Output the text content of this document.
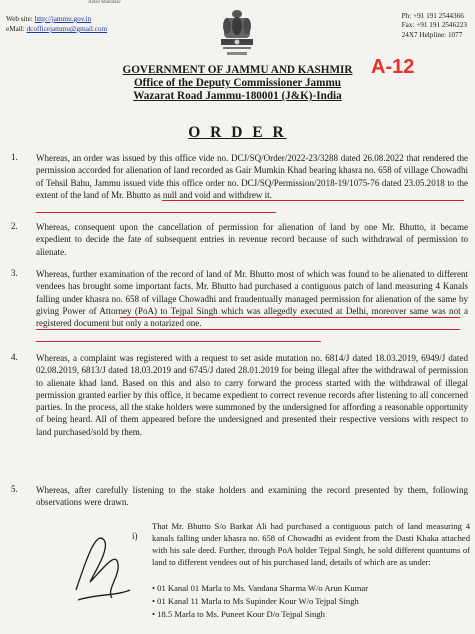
Amrit Mahotsav
Web site: http://jammu.gov.in
eMail: dcofficejammu@gmail.com
Ph: +91 191 2544366
Fax: +91 191 2546223
24X7 Helpline: 1077
GOVERNMENT OF JAMMU AND KASHMIR
Office of the Deputy Commissioner Jammu
Wazarat Road Jammu-180001 (J&K)-India
A-12
O R D E R
1. Whereas, an order was issued by this office vide no. DCJ/SQ/Order/2022-23/3288 dated 26.08.2022 that rendered the permission accorded for alienation of land recorded as Gair Mumkin Khad bearing khasra no. 658 of village Chowadhi of Tehsil Bahu, Jammu issued vide this office order no. DCJ/SQ/Permission/2018-19/1075-76 dated 23.05.2018 to the extent of the land of Mr. Bhutto as null and void and withdrew it.
2. Whereas, consequent upon the cancellation of permission for alienation of land by one Mr. Bhutto, it became expedient to decide the fate of subsequent entries in revenue record because of such withdrawal of permission to alienate.
3. Whereas, further examination of the record of land of Mr. Bhutto most of which was found to be alienated to different vendees has brought some important facts. Mr. Bhutto had purchased a contiguous patch of land measuring 4 Kanals falling under khasra no. 658 of village Chowadhi and fraudentually managed permission for alienation of the same by giving Power of Attorney (PoA) to Tejpal Singh which was allegedly executed at Delhi, moreover same was not a registered document but only a notarized one.
4. Whereas, a complaint was registered with a request to set aside mutation no. 6814/J dated 18.03.2019, 6949/J dated 02.08.2019, 6813/J dated 18.03.2019 and 6745/J dated 28.01.2019 for being illegal after the withdrawal of permission to alienate khad land. Based on this and also to carry forward the process started with the withdrawal of illegal permission granted earlier by this office, it became expedient to correct revenue records after listening to all concerned parties. In the process, all the stake holders were summoned by the undersigned for affording a reasonable opportunity of being heard. All of them appeared before the undersigned and presented their respective versions with respect to land purchased/sold by them.
5. Whereas, after carefully listening to the stake holders and examining the record presented by them, following observations were drawn.
i)
That Mr. Bhutto S/o Barkat Ali had purchased a contiguous patch of land measuring 4 kanals falling under khasra no. 658 of Chowadhi as evident from the Dasti Khaka attached with his sale deed. Further, through PoA holder Tejpal Singh, he sold different quantums of land to different vendees out of his purchased land, details of which are as under:
• 01 Kanal 01 Marla to Ms. Vandana Sharma W/o Arun Kumar
• 01 Kanal 11 Marla to Ms Supinder Kour W/o Tejpal Singh
• 18.5 Marla to Ms. Puneet Kour D/o Tejpal Singh
